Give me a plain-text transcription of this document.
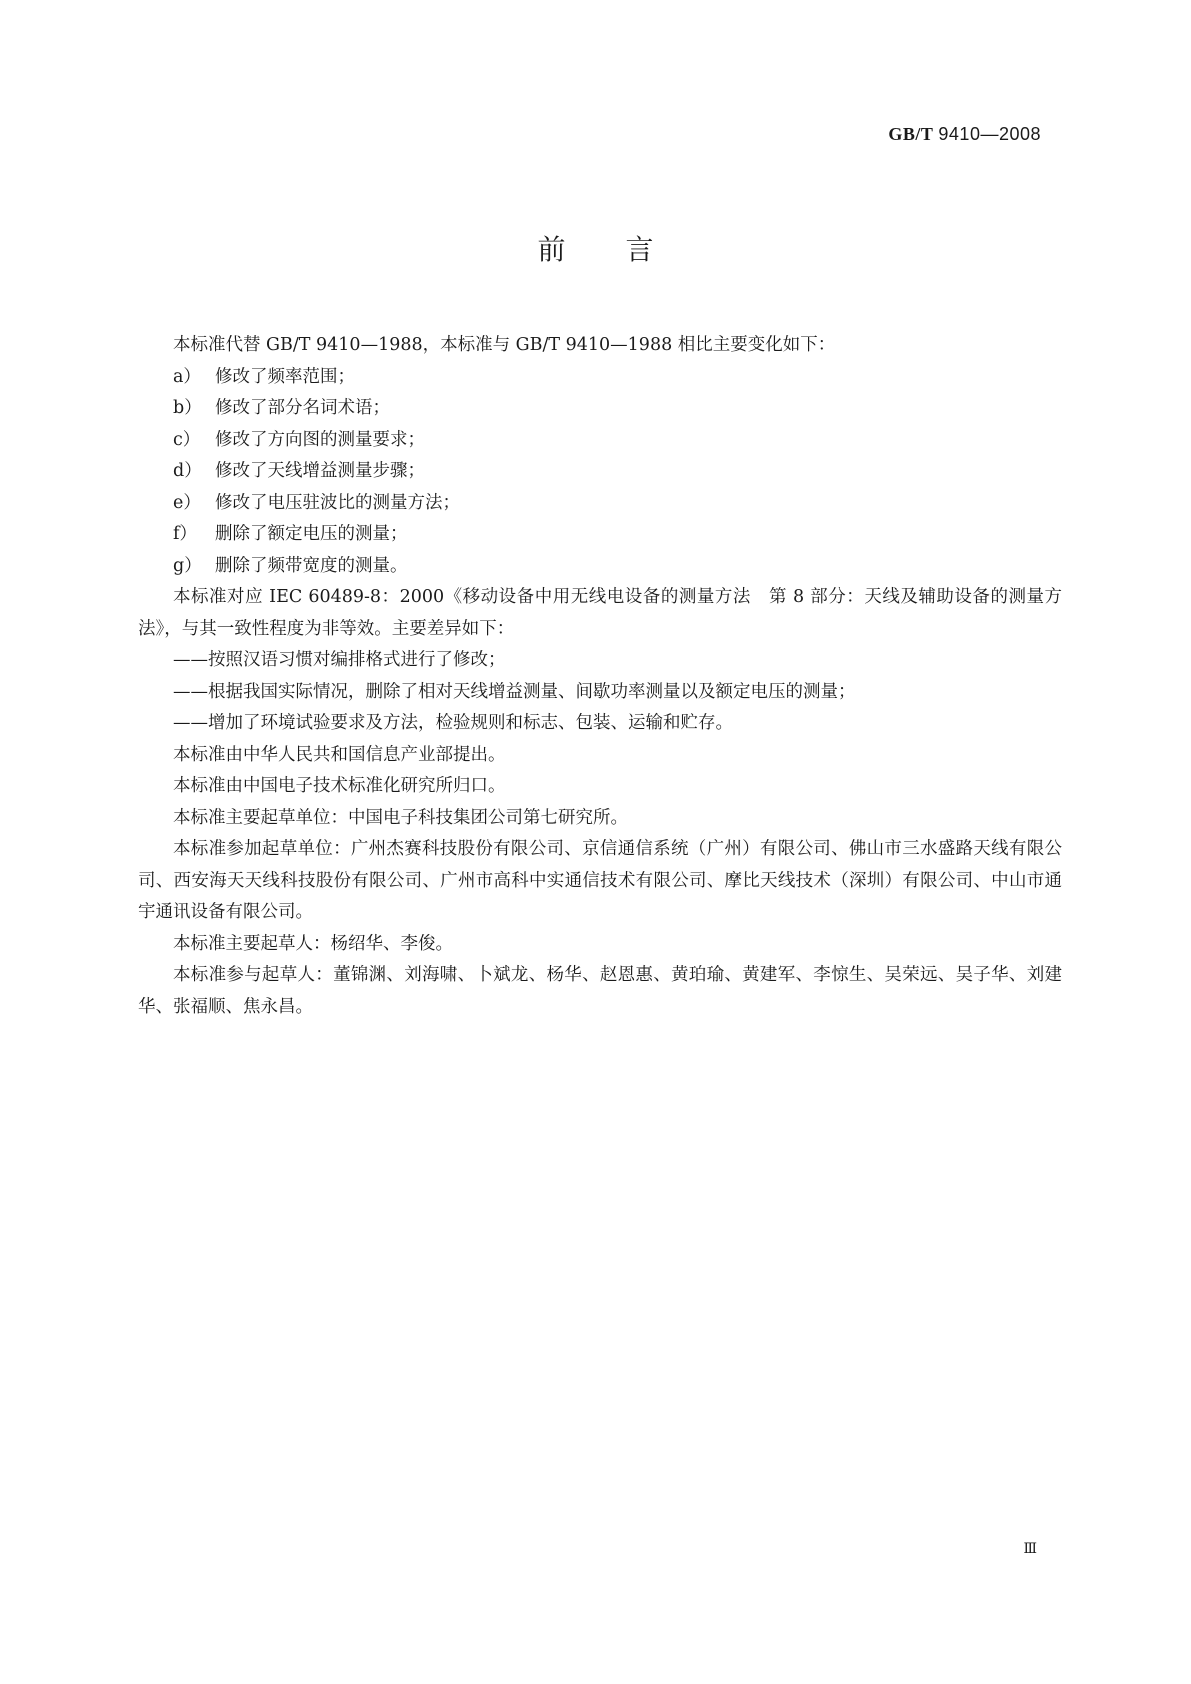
GB/T 9410—2008
前言

本标准代替 GB/T 9410—1988，本标准与 GB/T 9410—1988 相比主要变化如下：

a） 修改了频率范围；
b） 修改了部分名词术语；
c） 修改了方向图的测量要求；
d） 修改了天线增益测量步骤；
e） 修改了电压驻波比的测量方法；
f） 删除了额定电压的测量；
g） 删除了频带宽度的测量。

本标准对应 IEC 60489-8：2000《移动设备中用无线电设备的测量方法　第 8 部分：天线及辅助设备的测量方法》，与其一致性程度为非等效。主要差异如下：

——按照汉语习惯对编排格式进行了修改；
——根据我国实际情况，删除了相对天线增益测量、间歇功率测量以及额定电压的测量；
——增加了环境试验要求及方法，检验规则和标志、包装、运输和贮存。

本标准由中华人民共和国信息产业部提出。

本标准由中国电子技术标准化研究所归口。

本标准主要起草单位：中国电子科技集团公司第七研究所。

本标准参加起草单位：广州杰赛科技股份有限公司、京信通信系统（广州）有限公司、佛山市三水盛路天线有限公司、西安海天天线科技股份有限公司、广州市高科中实通信技术有限公司、摩比天线技术（深圳）有限公司、中山市通宇通讯设备有限公司。

本标准主要起草人：杨绍华、李俊。

本标准参与起草人：董锦渊、刘海啸、卜斌龙、杨华、赵恩惠、黄珀瑜、黄建军、李惊生、吴荣远、吴子华、刘建华、张福顺、焦永昌。

Ⅲ
